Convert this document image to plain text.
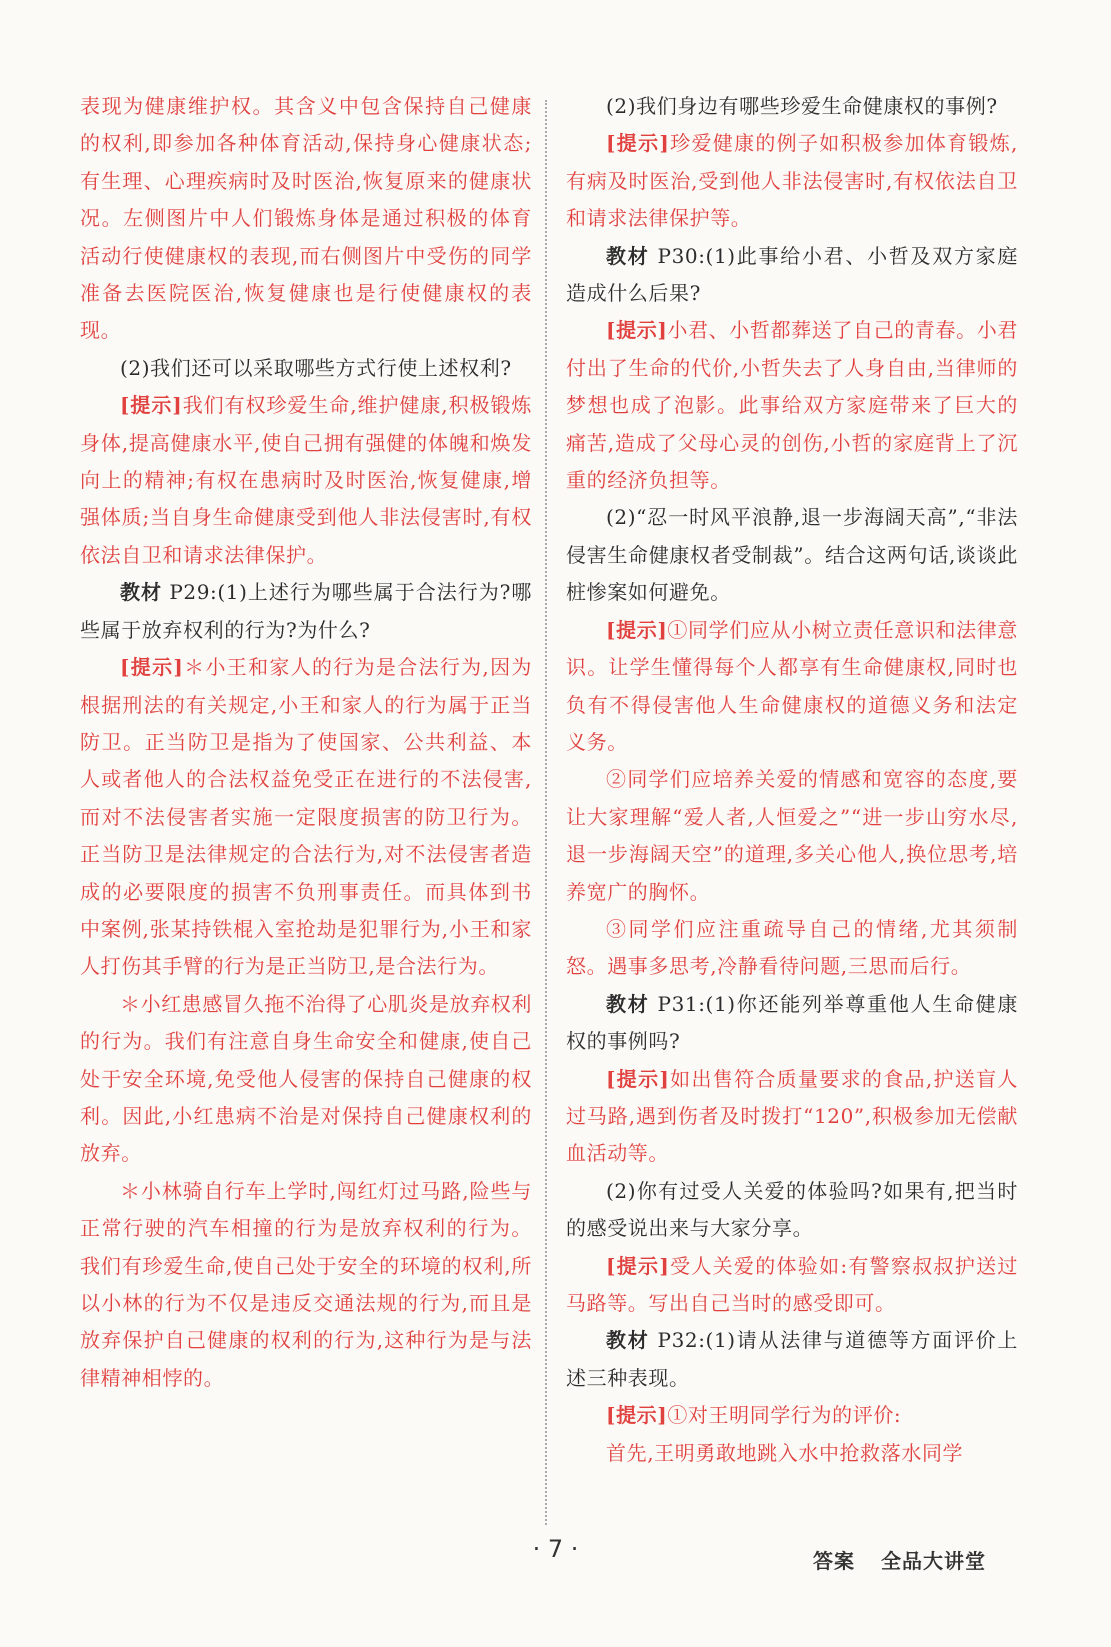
表现为健康维护权。其含义中包含保持自己健康的权利,即参加各种体育活动,保持身心健康状态;有生理、心理疾病时及时医治,恢复原来的健康状况。左侧图片中人们锻炼身体是通过积极的体育活动行使健康权的表现,而右侧图片中受伤的同学准备去医院医治,恢复健康也是行使健康权的表现。

(2)我们还可以采取哪些方式行使上述权利?

[提示]我们有权珍爱生命,维护健康,积极锻炼身体,提高健康水平,使自己拥有强健的体魄和焕发向上的精神;有权在患病时及时医治,恢复健康,增强体质;当自身生命健康受到他人非法侵害时,有权依法自卫和请求法律保护。

教材 P29:(1)上述行为哪些属于合法行为?哪些属于放弃权利的行为?为什么?

[提示]＊小王和家人的行为是合法行为,因为根据刑法的有关规定,小王和家人的行为属于正当防卫。正当防卫是指为了使国家、公共利益、本人或者他人的合法权益免受正在进行的不法侵害,而对不法侵害者实施一定限度损害的防卫行为。正当防卫是法律规定的合法行为,对不法侵害者造成的必要限度的损害不负刑事责任。而具体到书中案例,张某持铁棍入室抢劫是犯罪行为,小王和家人打伤其手臂的行为是正当防卫,是合法行为。

＊小红患感冒久拖不治得了心肌炎是放弃权利的行为。我们有注意自身生命安全和健康,使自己处于安全环境,免受他人侵害的保持自己健康的权利。因此,小红患病不治是对保持自己健康权利的放弃。

＊小林骑自行车上学时,闯红灯过马路,险些与正常行驶的汽车相撞的行为是放弃权利的行为。我们有珍爱生命,使自己处于安全的环境的权利,所以小林的行为不仅是违反交通法规的行为,而且是放弃保护自己健康的权利的行为,这种行为是与法律精神相悖的。

(2)我们身边有哪些珍爱生命健康权的事例?

[提示]珍爱健康的例子如积极参加体育锻炼,有病及时医治,受到他人非法侵害时,有权依法自卫和请求法律保护等。

教材 P30:(1)此事给小君、小哲及双方家庭造成什么后果?

[提示]小君、小哲都葬送了自己的青春。小君付出了生命的代价,小哲失去了人身自由,当律师的梦想也成了泡影。此事给双方家庭带来了巨大的痛苦,造成了父母心灵的创伤,小哲的家庭背上了沉重的经济负担等。

(2)“忍一时风平浪静,退一步海阔天高”,“非法侵害生命健康权者受制裁”。结合这两句话,谈谈此桩惨案如何避免。

[提示]①同学们应从小树立责任意识和法律意识。让学生懂得每个人都享有生命健康权,同时也负有不得侵害他人生命健康权的道德义务和法定义务。

②同学们应培养关爱的情感和宽容的态度,要让大家理解“爱人者,人恒爱之”“进一步山穷水尽,退一步海阔天空”的道理,多关心他人,换位思考,培养宽广的胸怀。

③同学们应注重疏导自己的情绪,尤其须制怒。遇事多思考,冷静看待问题,三思而后行。

教材 P31:(1)你还能列举尊重他人生命健康权的事例吗?

[提示]如出售符合质量要求的食品,护送盲人过马路,遇到伤者及时拨打“120”,积极参加无偿献血活动等。

(2)你有过受人关爱的体验吗?如果有,把当时的感受说出来与大家分享。

[提示]受人关爱的体验如:有警察叔叔护送过马路等。写出自己当时的感受即可。

教材 P32:(1)请从法律与道德等方面评价上述三种表现。

[提示]①对王明同学行为的评价:

首先,王明勇敢地跳入水中抢救落水同学

· 7 ·	答案 全品大讲堂
